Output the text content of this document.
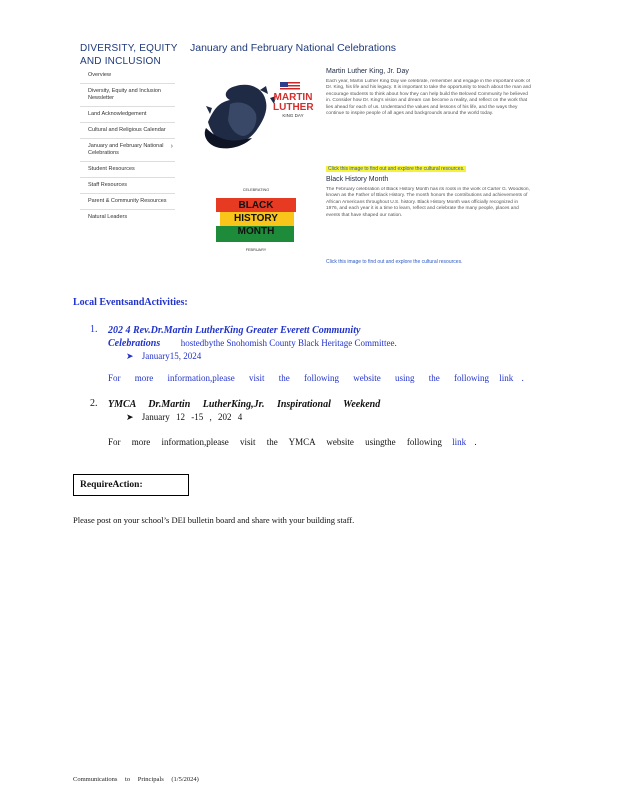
DIVERSITY, EQUITY
AND INCLUSION
Overview
Diversity, Equity and Inclusion Newsletter
Land Acknowledgement
Cultural and Religious Calendar
January and February National Celebrations
›
Student Resources
Staff Resources
Parent & Community Resources
Natural Leaders
January and February National Celebrations
MARTIN
LUTHER
KING DAY
Martin Luther King, Jr. Day
Each year, Martin Luther King Day we celebrate, remember and engage in the important work of Dr. King, his life and his legacy. It is important to take the opportunity to teach about the man and encourage students to think about how they can help build the Beloved Community he believed in. Consider how Dr. King’s vision and dream can become a reality, and reflect on the work that lies ahead for each of us. Understand the values and lessons of his life, and the ways they continue to inspire people of all ages and backgrounds around the world today.
Click this image to find out and explore the cultural resources.
CELEBRATING
BLACK
HISTORY
MONTH
FEBRUARY
Black History Month
The February celebration of Black History Month has its roots in the work of Carter G. Woodson, known as the Father of Black History. The month honors the contributions and achievements of African Americans throughout U.S. history. Black History Month was officially recognized in 1976, and each year it is a time to learn, reflect and celebrate the many people, places and events that have shaped our nation.
Click this image to find out and explore the cultural resources.
Local EventsandActivities:
1. 202 4 Rev.Dr.Martin LutherKing Greater Everett Community
Celebrations hostedbythe Snohomish County Black Heritage Committee.
➤ January15, 2024
For more information,please visit the following website using the following link .
2. YMCA Dr.Martin LutherKing,Jr. Inspirational Weekend
➤ January 12 -15 , 202 4
For more information,please visit the YMCA website usingthe following link .
RequireAction:
Please post on your school’s DEI bulletin board and share with your building staff.
Communications to Principals (1/5/2024)
